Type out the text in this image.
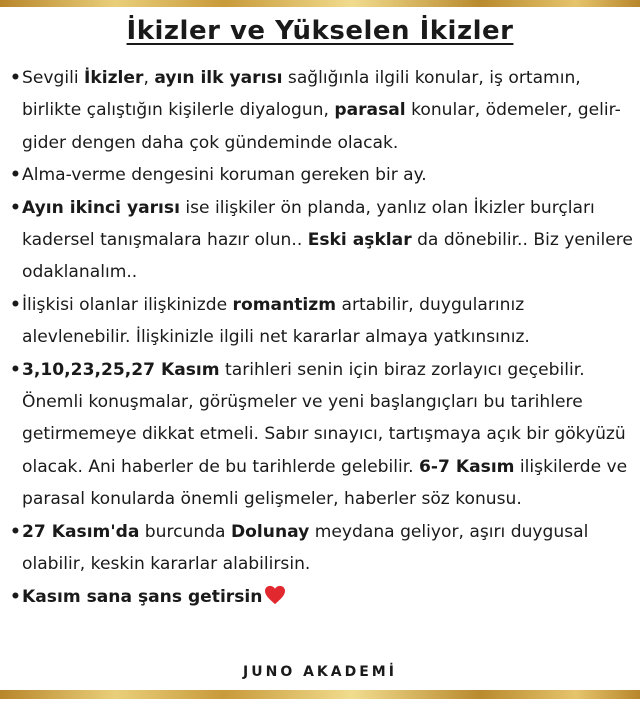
İkizler ve Yükselen İkizler
• Sevgili İkizler, ayın ilk yarısı sağlığınla ilgili konular, iş ortamın, birlikte çalıştığın kişilerle diyalogun, parasal konular, ödemeler, gelir-gider dengen daha çok gündeminde olacak.
• Alma-verme dengesini koruman gereken bir ay.
• Ayın ikinci yarısı ise ilişkiler ön planda, yanlız olan İkizler burçları kadersel tanışmalara hazır olun.. Eski aşklar da dönebilir.. Biz yenilere odaklanalım..
• İlişkisi olanlar ilişkinizde romantizm artabilir, duygularınız alevlenebilir. İlişkinizle ilgili net kararlar almaya yatkınsınız.
• 3,10,23,25,27 Kasım tarihleri senin için biraz zorlayıcı geçebilir. Önemli konuşmalar, görüşmeler ve yeni başlangıçları bu tarihlere getirmemeye dikkat etmeli. Sabır sınayıcı, tartışmaya açık bir gökyüzü olacak. Ani haberler de bu tarihlerde gelebilir. 6-7 Kasım ilişkilerde ve parasal konularda önemli gelişmeler, haberler söz konusu.
• 27 Kasım'da burcunda Dolunay meydana geliyor, aşırı duygusal olabilir, keskin kararlar alabilirsin.
• Kasım sana şans getirsin
JUNO AKADEMİ
